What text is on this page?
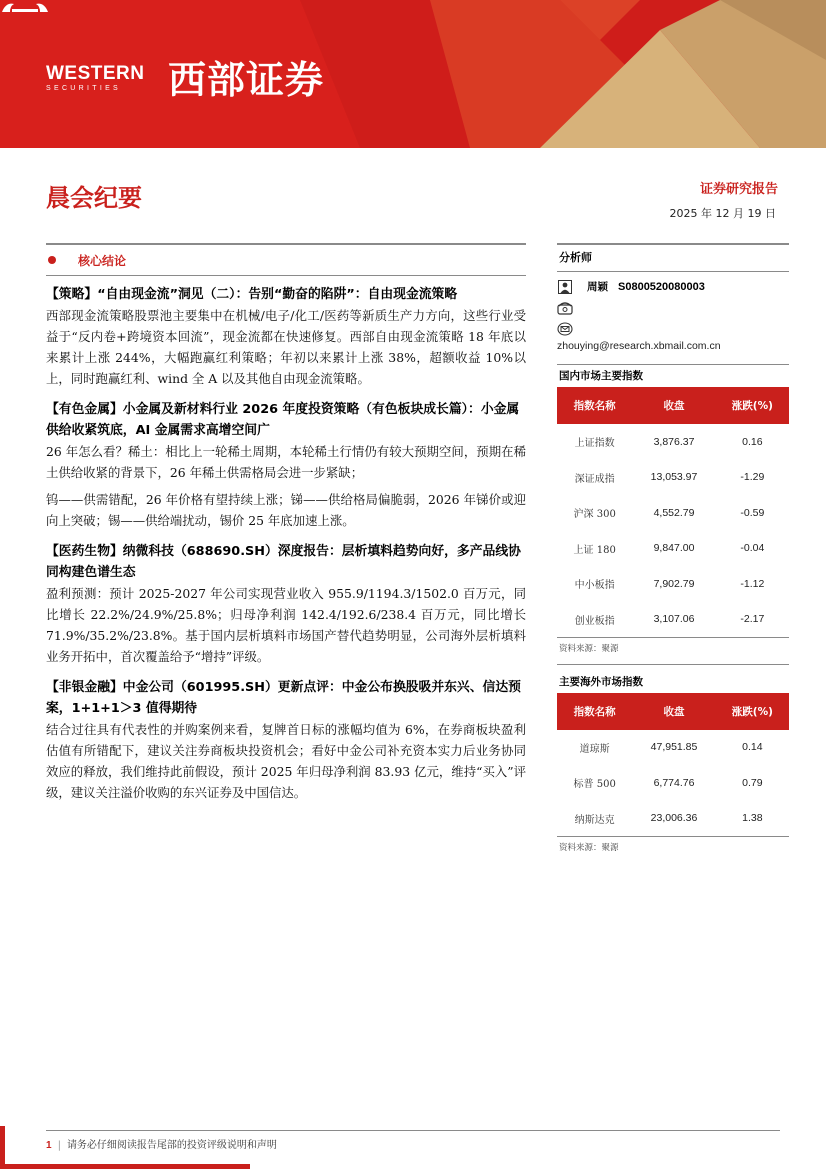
WESTERN
SECURITIES	西部证券
晨会纪要	证券研究报告
2025 年 12 月 19 日
核心结论
【策略】“自由现金流”洞见（二）：告别“勤奋的陷阱”：自由现金流策略
西部现金流策略股票池主要集中在机械/电子/化工/医药等新质生产力方向，这些行业受益于“反内卷+跨境资本回流”，现金流都在快速修复。西部自由现金流策略 18 年底以来累计上涨 244%，大幅跑赢红利策略；年初以来累计上涨 38%，超额收益 10%以上，同时跑赢红利、wind 全 A 以及其他自由现金流策略。
【有色金属】小金属及新材料行业 2026 年度投资策略（有色板块成长篇）：小金属供给收紧筑底，AI 金属需求高增空间广
26 年怎么看？稀土：相比上一轮稀土周期，本轮稀土行情仍有较大预期空间，预期在稀土供给收紧的背景下，26 年稀土供需格局会进一步紧缺；
钨——供需错配，26 年价格有望持续上涨；锑——供给格局偏脆弱，2026 年锑价或迎向上突破；锡——供给端扰动，锡价 25 年底加速上涨。
【医药生物】纳微科技（688690.SH）深度报告：层析填料趋势向好，多产品线协同构建色谱生态
盈利预测：预计 2025-2027 年公司实现营业收入 955.9/1194.3/1502.0 百万元，同比增长 22.2%/24.9%/25.8%；归母净利润 142.4/192.6/238.4 百万元，同比增长 71.9%/35.2%/23.8%。基于国内层析填料市场国产替代趋势明显，公司海外层析填料业务开拓中，首次覆盖给予“增持”评级。
【非银金融】中金公司（601995.SH）更新点评：中金公布换股吸并东兴、信达预案，1+1+1＞3 值得期待
结合过往具有代表性的并购案例来看，复牌首日标的涨幅均值为 6%，在券商板块盈利估值有所错配下，建议关注券商板块投资机会；看好中金公司补充资本实力后业务协同效应的释放，我们维持此前假设，预计 2025 年归母净利润 83.93 亿元，维持“买入”评级，建议关注溢价收购的东兴证券及中国信达。
分析师
周颖 S0800520080003
zhouying@research.xbmail.com.cn
国内市场主要指数
指数名称	收盘	涨跌(%)
上证指数	3,876.37	0.16
深证成指	13,053.97	-1.29
沪深 300	4,552.79	-0.59
上证 180	9,847.00	-0.04
中小板指	7,902.79	-1.12
创业板指	3,107.06	-2.17
资料来源：聚源
主要海外市场指数
指数名称	收盘	涨跌(%)
道琼斯	47,951.85	0.14
标普 500	6,774.76	0.79
纳斯达克	23,006.36	1.38
资料来源：聚源
1 | 请务必仔细阅读报告尾部的投资评级说明和声明
